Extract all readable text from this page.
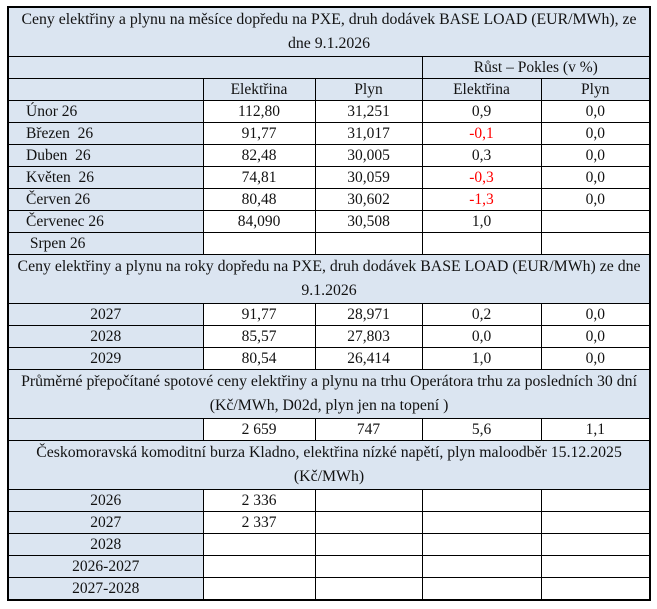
Ceny elektřiny a plynu na měsíce dopředu na PXE, druh dodávek BASE LOAD (EUR/MWh), ze dne 9.1.2026				
			Růst – Pokles (v %)	
	Elektřina	Plyn	Elektřina	Plyn
Únor 26	112,80	31,251	0,9	0,0
Březen  26	91,77	31,017	-0,1	0,0
Duben  26	82,48	30,005	0,3	0,0
Květen  26	74,81	30,059	-0,3	0,0
Červen 26	80,48	30,602	-1,3	0,0
Červenec 26	84,090	30,508	1,0	
Srpen 26				
Ceny elektřiny a plynu na roky dopředu na PXE, druh dodávek BASE LOAD (EUR/MWh) ze dne 9.1.2026				
2027	91,77	28,971	0,2	0,0
2028	85,57	27,803	0,0	0,0
2029	80,54	26,414	1,0	0,0
Průměrné přepočítané spotové ceny elektřiny a plynu na trhu Operátora trhu za posledních 30 dní (Kč/MWh, D02d, plyn jen na topení )				
	2 659	747	5,6	1,1
Českomoravská komoditní burza Kladno, elektřina nízké napětí, plyn maloodběr 15.12.2025 (Kč/MWh)				
2026	2 336			
2027	2 337			
2028				
2026-2027				
2027-2028				
